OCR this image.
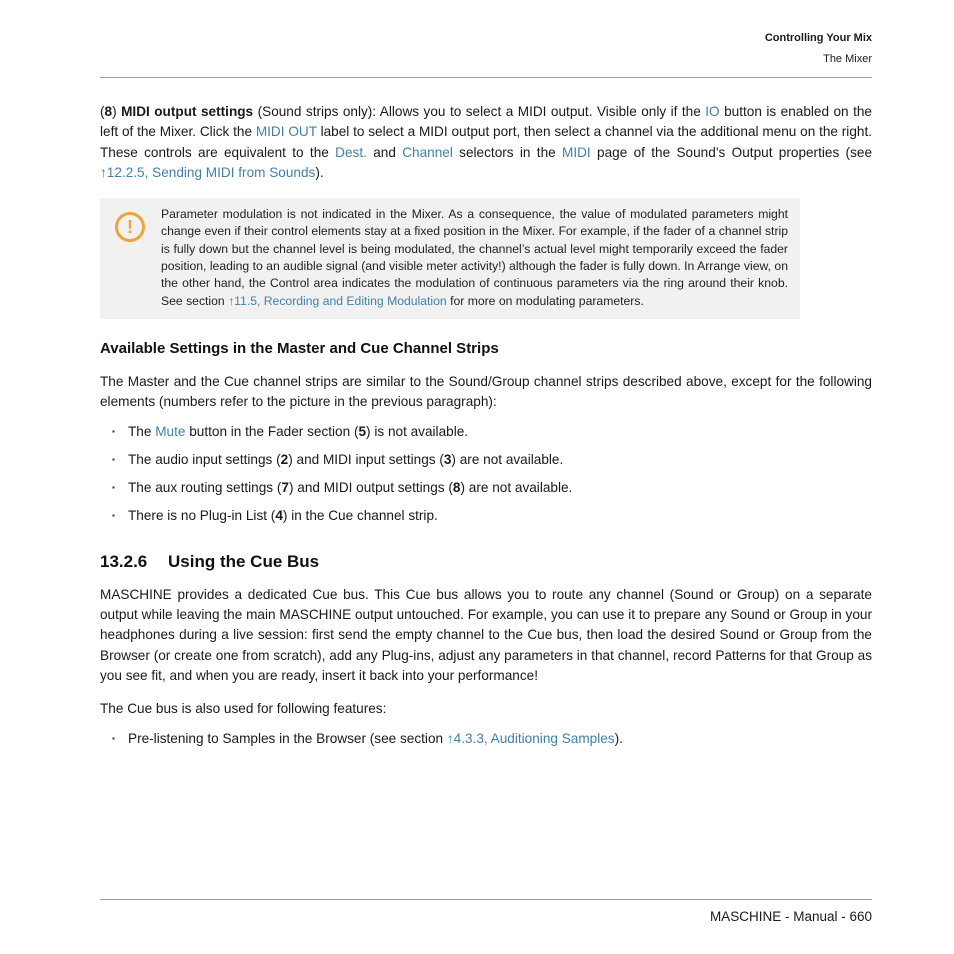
Controlling Your Mix
The Mixer

(8) MIDI output settings (Sound strips only): Allows you to select a MIDI output. Visible only if the IO button is enabled on the left of the Mixer. Click the MIDI OUT label to select a MIDI output port, then select a channel via the additional menu on the right. These controls are equivalent to the Dest. and Channel selectors in the MIDI page of the Sound’s Output properties (see ↑12.2.5, Sending MIDI from Sounds).

!

Parameter modulation is not indicated in the Mixer. As a consequence, the value of modulated parameters might change even if their control elements stay at a fixed position in the Mixer. For example, if the fader of a channel strip is fully down but the channel level is being modulated, the channel’s actual level might temporarily exceed the fader position, leading to an audible signal (and visible meter activity!) although the fader is fully down. In Arrange view, on the other hand, the Control area indicates the modulation of continuous parameters via the ring around their knob. See section ↑11.5, Recording and Editing Modulation for more on modulating parameters.

Available Settings in the Master and Cue Channel Strips

The Master and the Cue channel strips are similar to the Sound/Group channel strips described above, except for the following elements (numbers refer to the picture in the previous paragraph):

▪ The Mute button in the Fader section (5) is not available.
▪ The audio input settings (2) and MIDI input settings (3) are not available.
▪ The aux routing settings (7) and MIDI output settings (8) are not available.
▪ There is no Plug-in List (4) in the Cue channel strip.
13.2.6	Using the Cue Bus

MASCHINE provides a dedicated Cue bus. This Cue bus allows you to route any channel (Sound or Group) on a separate output while leaving the main MASCHINE output untouched. For example, you can use it to prepare any Sound or Group in your headphones during a live session: first send the empty channel to the Cue bus, then load the desired Sound or Group from the Browser (or create one from scratch), add any Plug-ins, adjust any parameters in that channel, record Patterns for that Group as you see fit, and when you are ready, insert it back into your performance!

The Cue bus is also used for following features:

▪ Pre-listening to Samples in the Browser (see section ↑4.3.3, Auditioning Samples).
MASCHINE - Manual - 660
